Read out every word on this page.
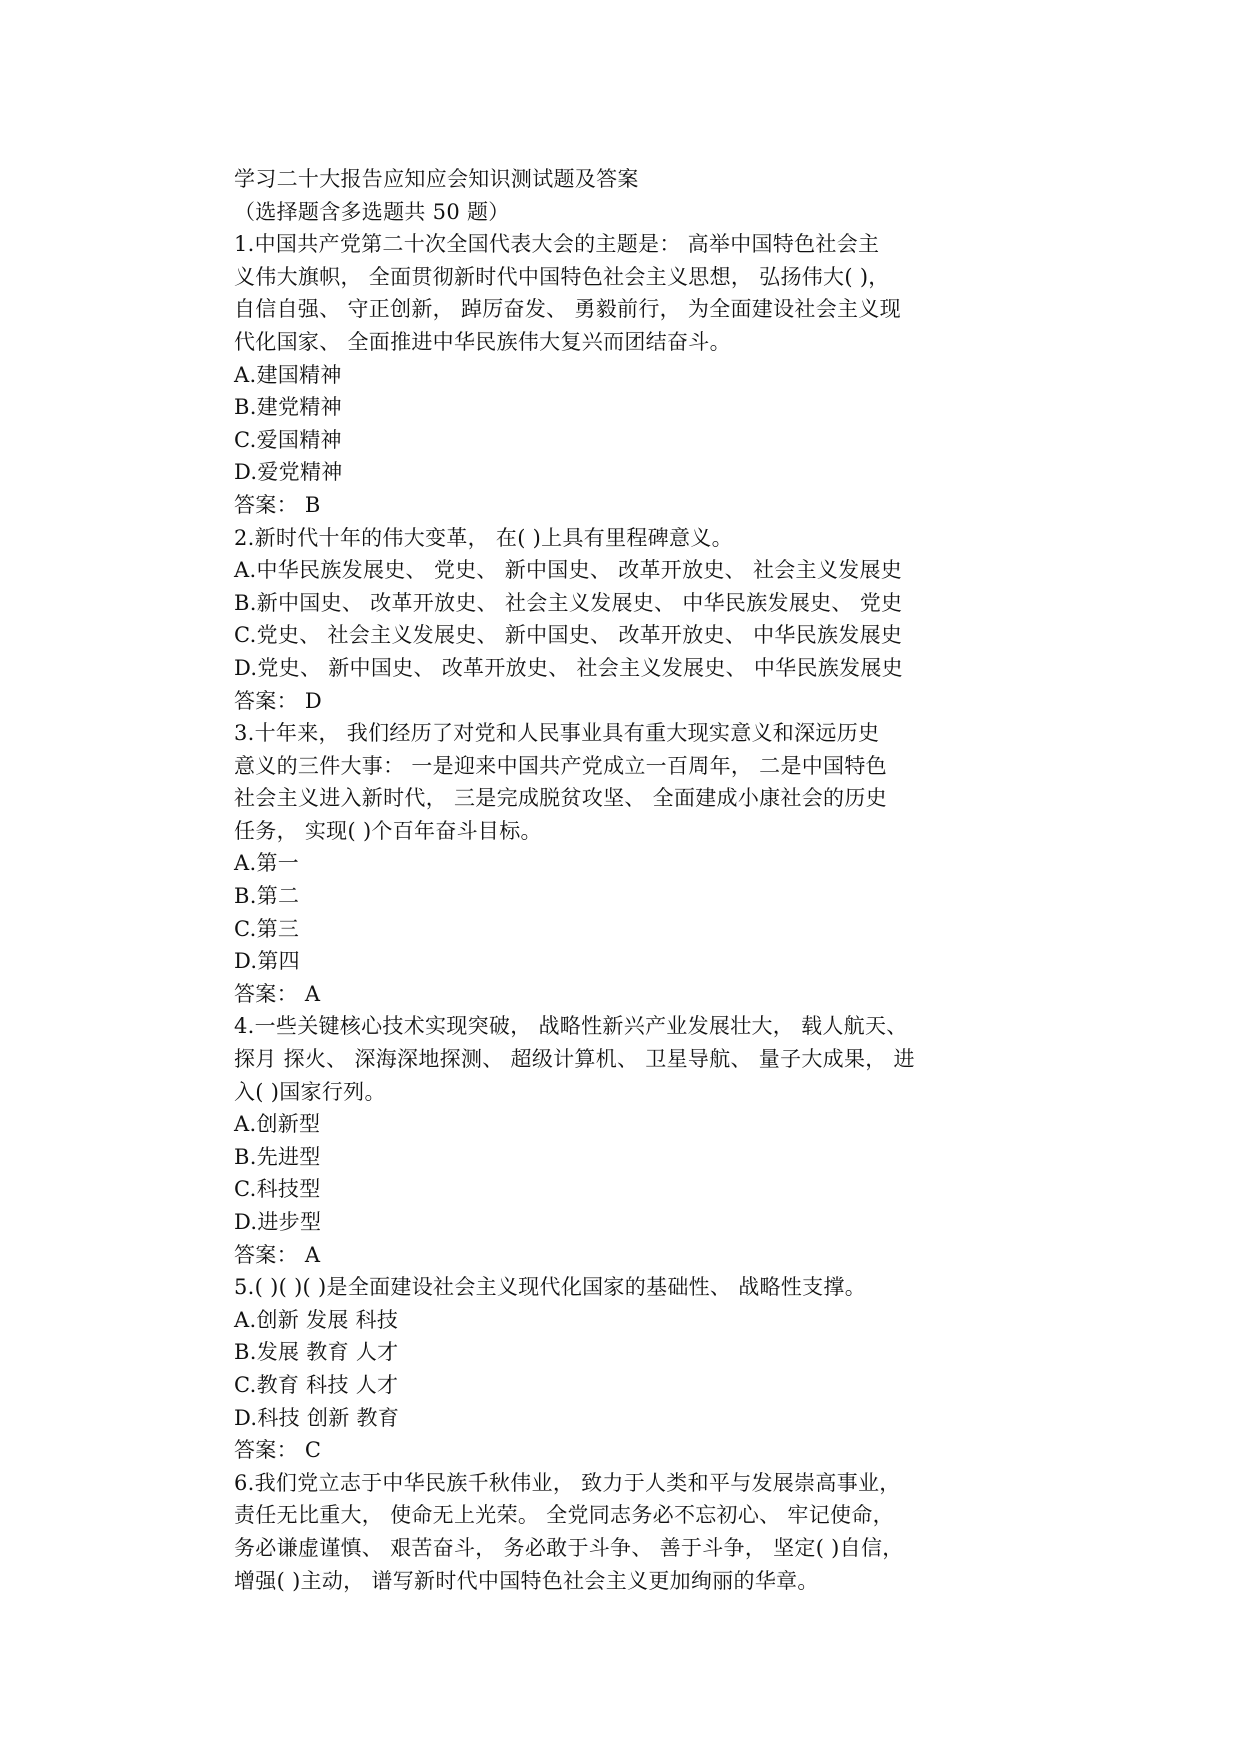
学习二十大报告应知应会知识测试题及答案
（选择题含多选题共 50 题）
1.中国共产党第二十次全国代表大会的主题是： 高举中国特色社会主
义伟大旗帜， 全面贯彻新时代中国特色社会主义思想， 弘扬伟大( )，
自信自强、 守正创新， 踔厉奋发、 勇毅前行， 为全面建设社会主义现
代化国家、 全面推进中华民族伟大复兴而团结奋斗。
A.建国精神
B.建党精神
C.爱国精神
D.爱党精神
答案： B
2.新时代十年的伟大变革， 在( )上具有里程碑意义。
A.中华民族发展史、 党史、 新中国史、 改革开放史、 社会主义发展史
B.新中国史、 改革开放史、 社会主义发展史、 中华民族发展史、 党史
C.党史、 社会主义发展史、 新中国史、 改革开放史、 中华民族发展史
D.党史、 新中国史、 改革开放史、 社会主义发展史、 中华民族发展史
答案： D
3.十年来， 我们经历了对党和人民事业具有重大现实意义和深远历史
意义的三件大事： 一是迎来中国共产党成立一百周年， 二是中国特色
社会主义进入新时代， 三是完成脱贫攻坚、 全面建成小康社会的历史
任务， 实现( )个百年奋斗目标。
A.第一
B.第二
C.第三
D.第四
答案： A
4.一些关键核心技术实现突破， 战略性新兴产业发展壮大， 载人航天、
探月 探火、 深海深地探测、 超级计算机、 卫星导航、 量子大成果， 进
入( )国家行列。
A.创新型
B.先进型
C.科技型
D.进步型
答案： A
5.( )( )( )是全面建设社会主义现代化国家的基础性、 战略性支撑。
A.创新 发展 科技
B.发展 教育 人才
C.教育 科技 人才
D.科技 创新 教育
答案： C
6.我们党立志于中华民族千秋伟业， 致力于人类和平与发展崇高事业，
责任无比重大， 使命无上光荣。 全党同志务必不忘初心、 牢记使命，
务必谦虚谨慎、 艰苦奋斗， 务必敢于斗争、 善于斗争， 坚定( )自信，
增强( )主动， 谱写新时代中国特色社会主义更加绚丽的华章。
